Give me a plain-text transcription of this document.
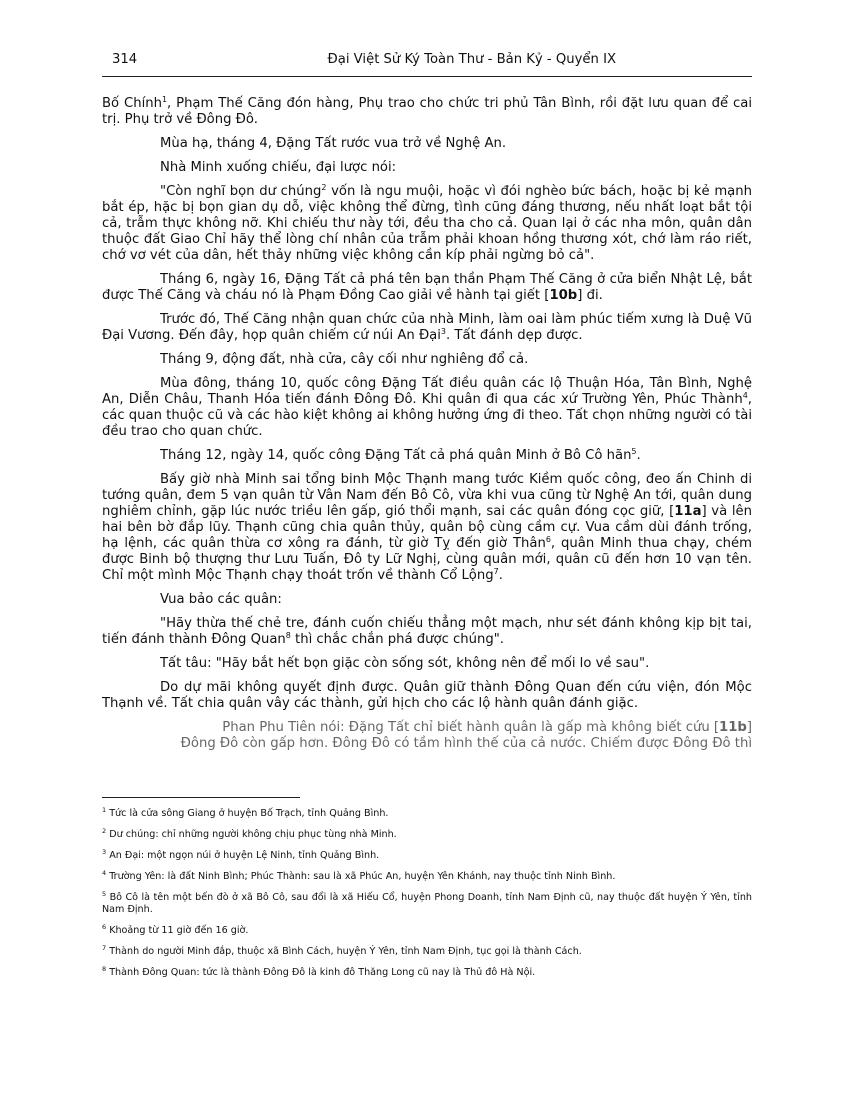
314	Đại Việt Sử Ký Toàn Thư - Bản Kỷ - Quyển IX

Bố Chính$^1$, Phạm Thế Căng đón hàng, Phụ trao cho chức tri phủ Tân Bình, rồi đặt lưu quan để cai trị. Phụ trở về Đông Đô.

Mùa hạ, tháng 4, Đặng Tất rước vua trở về Nghệ An.

Nhà Minh xuống chiếu, đại lược nói:

"Còn nghĩ bọn dư chúng$^2$ vốn là ngu muội, hoặc vì đói nghèo bức bách, hoặc bị kẻ mạnh bắt ép, hặc bị bọn gian dụ dỗ, việc không thể đừng, tình cũng đáng thương, nếu nhất loạt bắt tội cả, trẫm thực không nỡ. Khi chiếu thư này tới, đều tha cho cả. Quan lại ở các nha môn, quân dân thuộc đất Giao Chỉ hãy thể lòng chí nhân của trẫm phải khoan hồng thương xót, chớ làm ráo riết, chớ vơ vét của dân, hết thảy những việc không cần kíp phải ngừng bỏ cả".

Tháng 6, ngày 16, Đặng Tất cả phá tên bạn thần Phạm Thế Căng ở cửa biển Nhật Lệ, bắt được Thế Căng và cháu nó là Phạm Đồng Cao giải về hành tại giết [10b] đi.

Trước đó, Thế Căng nhận quan chức của nhà Minh, làm oai làm phúc tiếm xưng là Duệ Vũ Đại Vương. Đến đây, họp quân chiếm cứ núi An Đại$^3$. Tất đánh dẹp được.

Tháng 9, động đất, nhà cửa, cây cối như nghiêng đổ cả.

Mùa đông, tháng 10, quốc công Đặng Tất điều quân các lộ Thuận Hóa, Tân Bình, Nghệ An, Diễn Châu, Thanh Hóa tiến đánh Đông Đô. Khi quân đi qua các xứ Trường Yên, Phúc Thành$^4$, các quan thuộc cũ và các hào kiệt không ai không hưởng ứng đi theo. Tất chọn những người có tài đều trao cho quan chức.

Tháng 12, ngày 14, quốc công Đặng Tất cả phá quân Minh ở Bô Cô hãn$^5$.

Bấy giờ nhà Minh sai tổng binh Mộc Thạnh mang tước Kiềm quốc công, đeo ấn Chinh di tướng quân, đem 5 vạn quân từ Vân Nam đến Bô Cô, vừa khi vua cũng từ Nghệ An tới, quân dung nghiêm chỉnh, gặp lúc nước triều lên gấp, gió thổi mạnh, sai các quân đóng cọc giữ, [11a] và lên hai bên bờ đắp lũy. Thạnh cũng chia quân thủy, quân bộ cùng cầm cự. Vua cầm dùi đánh trống, hạ lệnh, các quân thừa cơ xông ra đánh, từ giờ Tỵ đến giờ Thân$^6$, quân Minh thua chạy, chém được Binh bộ thượng thư Lưu Tuấn, Đô ty Lữ Nghị, cùng quân mới, quân cũ đến hơn 10 vạn tên. Chỉ một mình Mộc Thạnh chạy thoát trốn về thành Cổ Lộng$^7$.

Vua bảo các quân:

"Hãy thừa thế chẻ tre, đánh cuốn chiếu thẳng một mạch, như sét đánh không kịp bịt tai, tiến đánh thành Đông Quan$^8$ thì chắc chắn phá được chúng".

Tất tâu: "Hãy bắt hết bọn giặc còn sống sót, không nên để mối lo về sau".

Do dự mãi không quyết định được. Quân giữ thành Đông Quan đến cứu viện, đón Mộc Thạnh về. Tất chia quân vây các thành, gửi hịch cho các lộ hành quân đánh giặc.

Phan Phu Tiên nói: Đặng Tất chỉ biết hành quân là gấp mà không biết cứu [11b]

Đông Đô còn gấp hơn. Đông Đô có tầm hình thế của cả nước. Chiếm được Đông Đô thì

$^1$ Tức là cửa sông Giang ở huyện Bố Trạch, tỉnh Quảng Bình.

$^2$ Dư chúng: chỉ những người không chịu phục tùng nhà Minh.

$^3$ An Đại: một ngọn núi ở huyện Lệ Ninh, tỉnh Quảng Bình.

$^4$ Trường Yên: là đất Ninh Bình; Phúc Thành: sau là xã Phúc An, huyện Yên Khánh, nay thuộc tỉnh Ninh Bình.

$^5$ Bô Cô là tên một bến đò ở xã Bô Cô, sau đổi là xã Hiếu Cổ, huyện Phong Doanh, tỉnh Nam Định cũ, nay thuộc đất huyện Ý Yên, tỉnh Nam Định.

$^6$ Khoảng từ 11 giờ đến 16 giờ.

$^7$ Thành do người Minh đắp, thuộc xã Bình Cách, huyện Ý Yên, tỉnh Nam Định, tục gọi là thành Cách.

$^8$ Thành Đông Quan: tức là thành Đông Đô là kinh đô Thăng Long cũ nay là Thủ đô Hà Nội.
